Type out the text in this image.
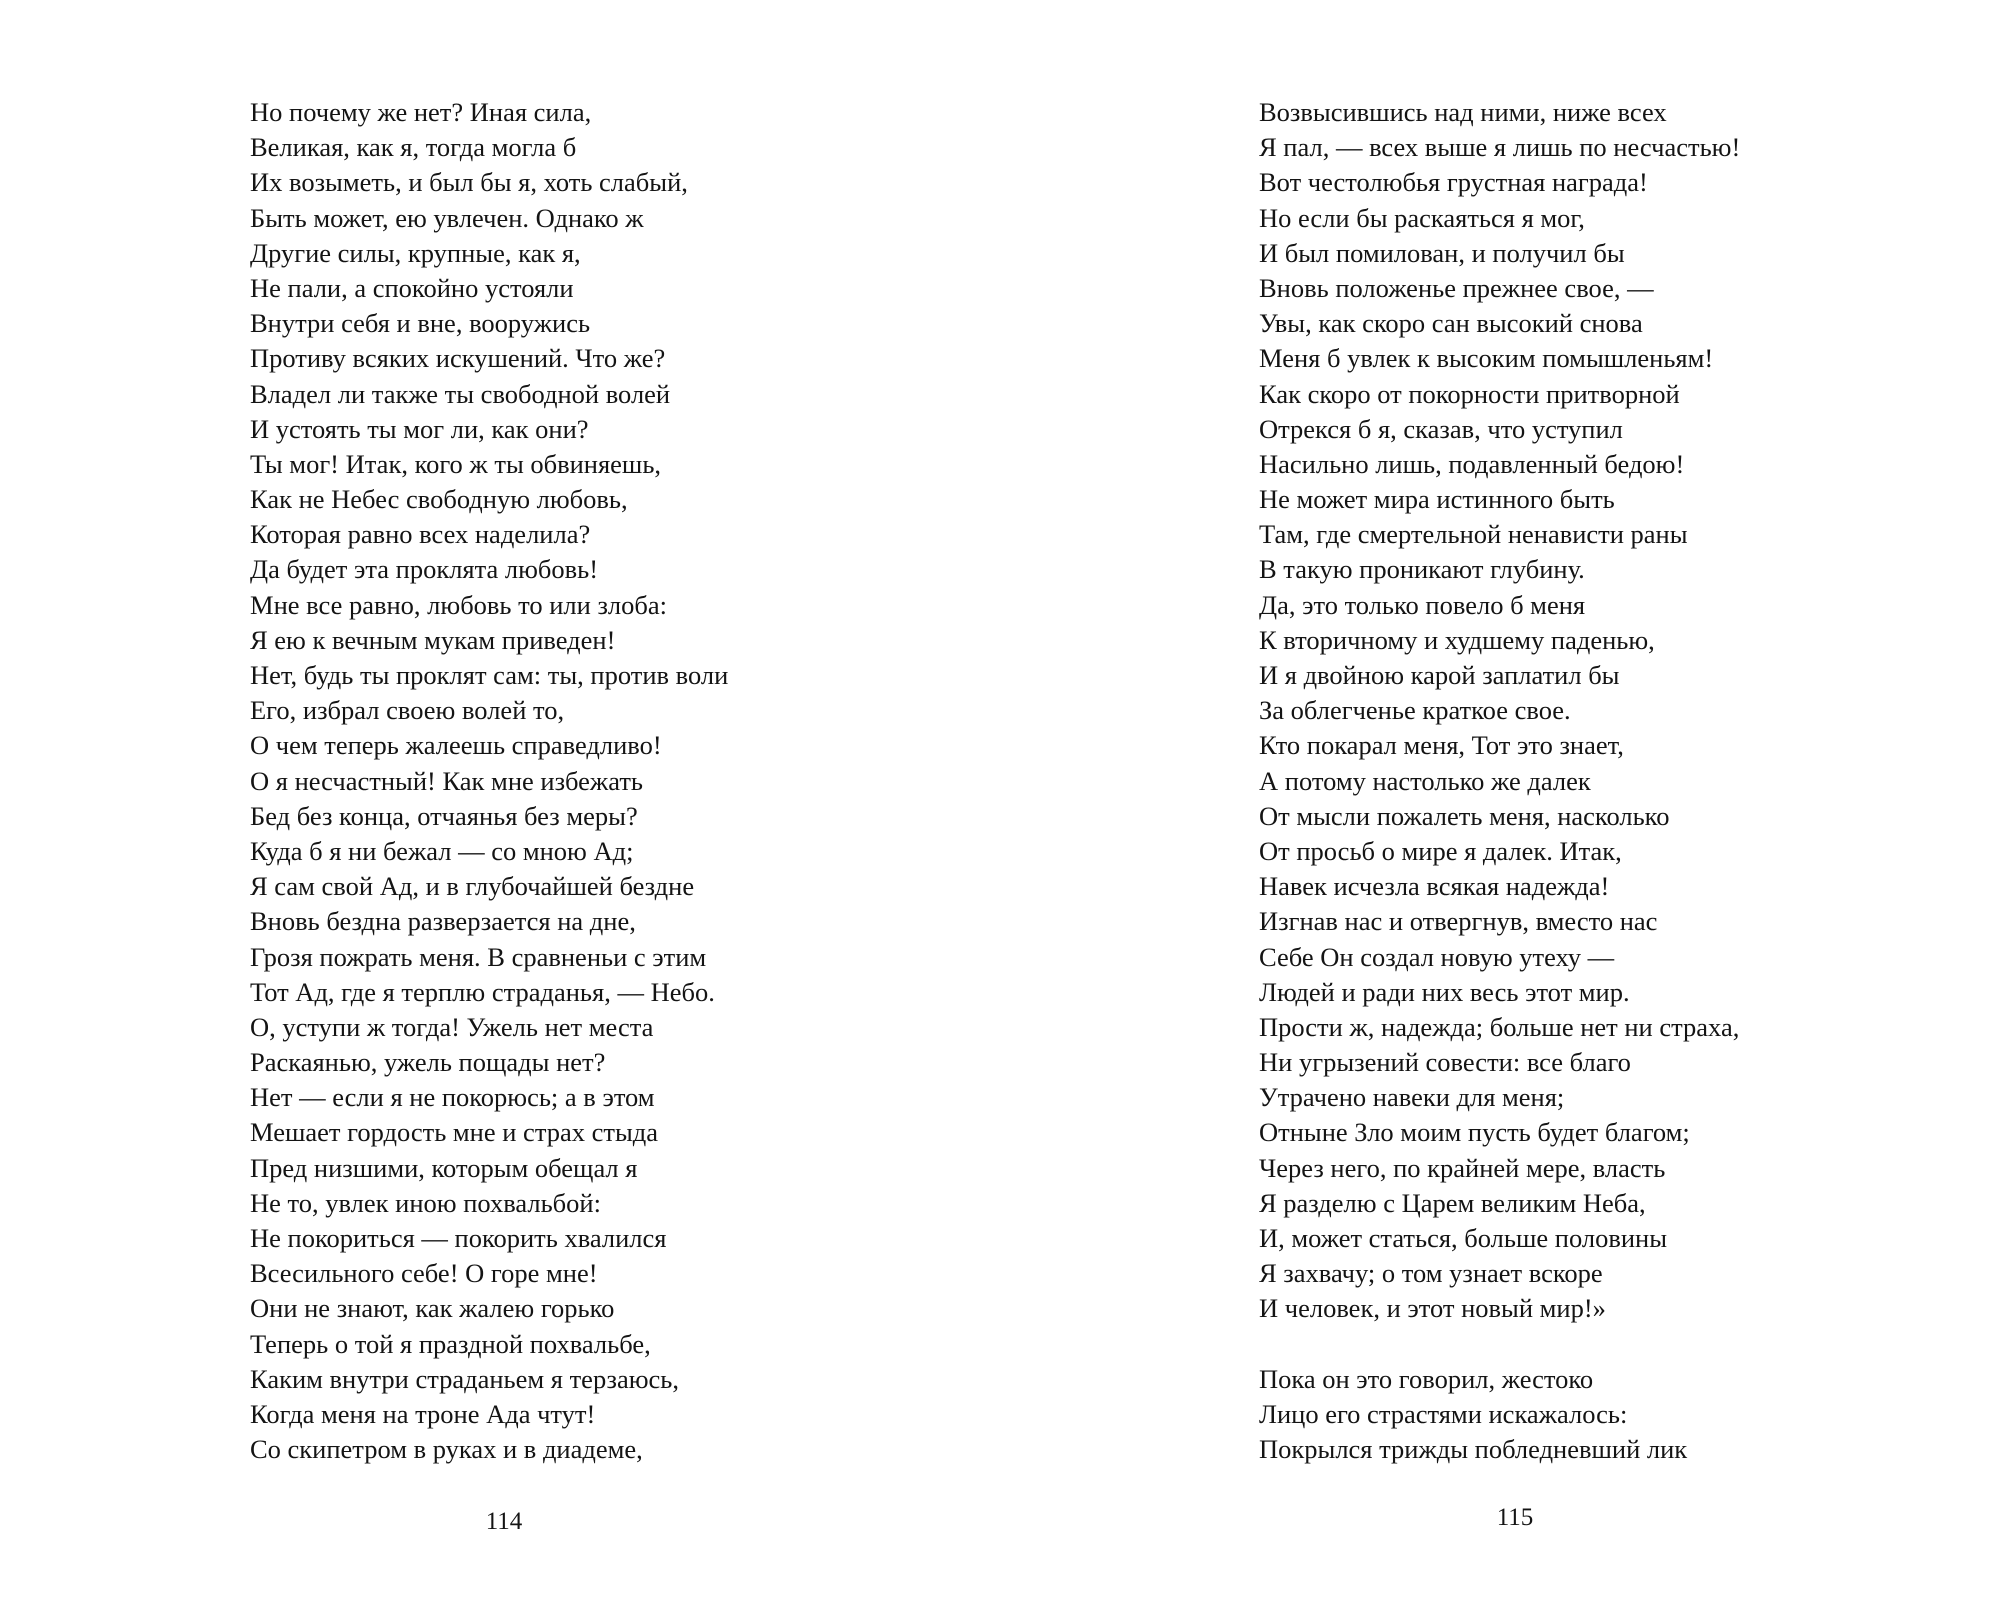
Но почему же нет? Иная сила,
Великая, как я, тогда могла б
Их возыметь, и был бы я, хоть слабый,
Быть может, ею увлечен. Однако ж
Другие силы, крупные, как я,
Не пали, а спокойно устояли
Внутри себя и вне, вооружись
Противу всяких искушений. Что же?
Владел ли также ты свободной волей
И устоять ты мог ли, как они?
Ты мог! Итак, кого ж ты обвиняешь,
Как не Небес свободную любовь,
Которая равно всех наделила?
Да будет эта проклята любовь!
Мне все равно, любовь то или злоба:
Я ею к вечным мукам приведен!
Нет, будь ты проклят сам: ты, против воли
Его, избрал своею волей то,
О чем теперь жалеешь справедливо!
О я несчастный! Как мне избежать
Бед без конца, отчаянья без меры?
Куда б я ни бежал — со мною Ад;
Я сам свой Ад, и в глубочайшей бездне
Вновь бездна разверзается на дне,
Грозя пожрать меня. В сравненьи с этим
Тот Ад, где я терплю страданья, — Небо.
О, уступи ж тогда! Ужель нет места
Раскаянью, ужель пощады нет?
Нет — если я не покорюсь; а в этом
Мешает гордость мне и страх стыда
Пред низшими, которым обещал я
Не то, увлек иною похвальбой:
Не покориться — покорить хвалился
Всесильного себе! О горе мне!
Они не знают, как жалею горько
Теперь о той я праздной похвальбе,
Каким внутри страданьем я терзаюсь,
Когда меня на троне Ада чтут!
Со скипетром в руках и в диадеме,
114
Возвысившись над ними, ниже всех
Я пал, — всех выше я лишь по несчастью!
Вот честолюбья грустная награда!
Но если бы раскаяться я мог,
И был помилован, и получил бы
Вновь положенье прежнее свое, —
Увы, как скоро сан высокий снова
Меня б увлек к высоким помышленьям!
Как скоро от покорности притворной
Отрекся б я, сказав, что уступил
Насильно лишь, подавленный бедою!
Не может мира истинного быть
Там, где смертельной ненависти раны
В такую проникают глубину.
Да, это только повело б меня
К вторичному и худшему паденью,
И я двойною карой заплатил бы
За облегченье краткое свое.
Кто покарал меня, Тот это знает,
А потому настолько же далек
От мысли пожалеть меня, насколько
От просьб о мире я далек. Итак,
Навек исчезла всякая надежда!
Изгнав нас и отвергнув, вместо нас
Себе Он создал новую утеху —
Людей и ради них весь этот мир.
Прости ж, надежда; больше нет ни страха,
Ни угрызений совести: все благо
Утрачено навеки для меня;
Отныне Зло моим пусть будет благом;
Через него, по крайней мере, власть
Я разделю с Царем великим Неба,
И, может статься, больше половины
Я захвачу; о том узнает вскоре
И человек, и этот новый мир!»
Пока он это говорил, жестоко
Лицо его страстями искажалось:
Покрылся трижды побледневший лик
115
